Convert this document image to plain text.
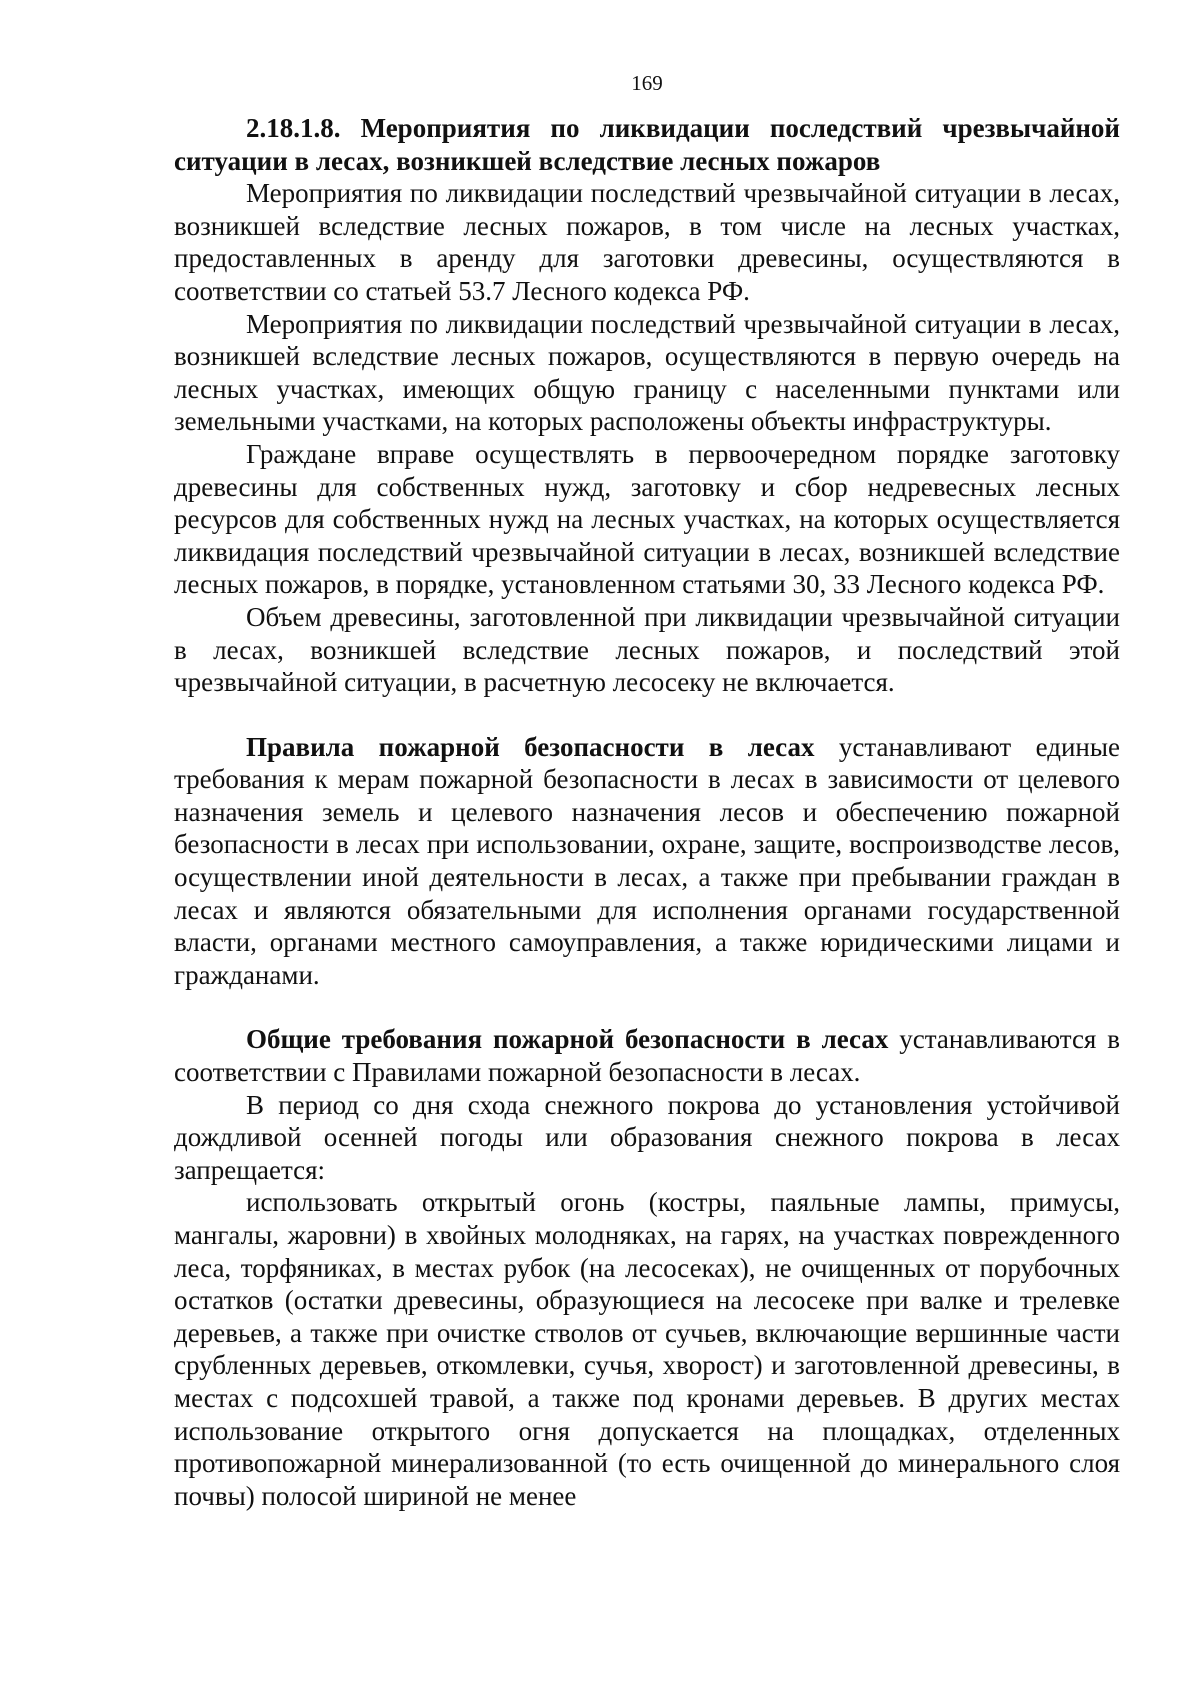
169

2.18.1.8. Мероприятия по ликвидации последствий чрезвычайной ситуации в лесах, возникшей вследствие лесных пожаров

Мероприятия по ликвидации последствий чрезвычайной ситуации в лесах, возникшей вследствие лесных пожаров, в том числе на лесных участках, предоставленных в аренду для заготовки древесины, осуществляются в соответствии со статьей 53.7 Лесного кодекса РФ.

Мероприятия по ликвидации последствий чрезвычайной ситуации в лесах, возникшей вследствие лесных пожаров, осуществляются в первую очередь на лесных участках, имеющих общую границу с населенными пунктами или земельными участками, на которых расположены объекты инфраструктуры.

Граждане вправе осуществлять в первоочередном порядке заготовку древесины для собственных нужд, заготовку и сбор недревесных лесных ресурсов для собственных нужд на лесных участках, на которых осуществляется ликвидация последствий чрезвычайной ситуации в лесах, возникшей вследствие лесных пожаров, в порядке, установленном статьями 30, 33 Лесного кодекса РФ.

Объем древесины, заготовленной при ликвидации чрезвычайной ситуации в лесах, возникшей вследствие лесных пожаров, и последствий этой чрезвычайной ситуации, в расчетную лесосеку не включается.

Правила пожарной безопасности в лесах устанавливают единые требования к мерам пожарной безопасности в лесах в зависимости от целевого назначения земель и целевого назначения лесов и обеспечению пожарной безопасности в лесах при использовании, охране, защите, воспроизводстве лесов, осуществлении иной деятельности в лесах, а также при пребывании граждан в лесах и являются обязательными для исполнения органами государственной власти, органами местного самоуправления, а также юридическими лицами и гражданами.

Общие требования пожарной безопасности в лесах устанавливаются в соответствии с Правилами пожарной безопасности в лесах.

В период со дня схода снежного покрова до установления устойчивой дождливой осенней погоды или образования снежного покрова в лесах запрещается:

использовать открытый огонь (костры, паяльные лампы, примусы, мангалы, жаровни) в хвойных молодняках, на гарях, на участках поврежденного леса, торфяниках, в местах рубок (на лесосеках), не очищенных от порубочных остатков (остатки древесины, образующиеся на лесосеке при валке и трелевке деревьев, а также при очистке стволов от сучьев, включающие вершинные части срубленных деревьев, откомлевки, сучья, хворост) и заготовленной древесины, в местах с подсохшей травой, а также под кронами деревьев. В других местах использование открытого огня допускается на площадках, отделенных противопожарной минерализованной (то есть очищенной до минерального слоя почвы) полосой шириной не менее
